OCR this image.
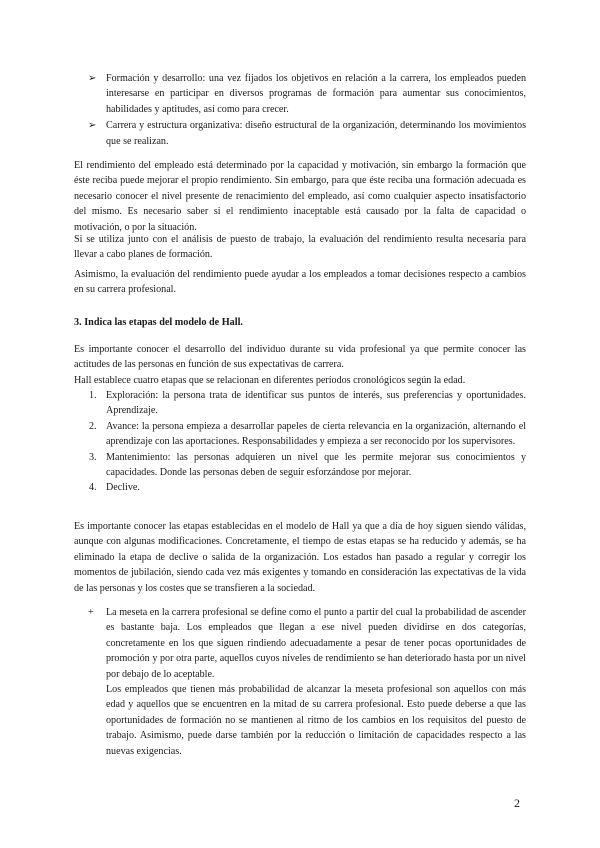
➢ Formación y desarrollo: una vez fijados los objetivos en relación a la carrera, los empleados pueden interesarse en participar en diversos programas de formación para aumentar sus conocimientos, habilidades y aptitudes, así como para crecer.
➢ Carrera y estructura organizativa: diseño estructural de la organización, determinando los movimientos que se realizan.

El rendimiento del empleado está determinado por la capacidad y motivación, sin embargo la formación que éste reciba puede mejorar el propio rendimiento. Sin embargo, para que éste reciba una formación adecuada es necesario conocer el nivel presente de renacimiento del empleado, así como cualquier aspecto insatisfactorio del mismo. Es necesario saber si el rendimiento inaceptable está causado por la falta de capacidad o motivación, o por la situación.

Si se utiliza junto con el análisis de puesto de trabajo, la evaluación del rendimiento resulta necesaria para llevar a cabo planes de formación.

Asimismo, la evaluación del rendimiento puede ayudar a los empleados a tomar decisiones respecto a cambios en su carrera profesional.

3. Indica las etapas del modelo de Hall.

Es importante conocer el desarrollo del individuo durante su vida profesional ya que permite conocer las actitudes de las personas en función de sus expectativas de carrera.

Hall establece cuatro etapas que se relacionan en diferentes períodos cronológicos según la edad.

1. Exploración: la persona trata de identificar sus puntos de interés, sus preferencias y oportunidades. Aprendizaje.
2. Avance: la persona empieza a desarrollar papeles de cierta relevancia en la organización, alternando el aprendizaje con las aportaciones. Responsabilidades y empieza a ser reconocido por los supervisores.
3. Mantenimiento: las personas adquieren un nivel que les permite mejorar sus conocimientos y capacidades. Donde las personas deben de seguir esforzándose por mejorar.
4. Declive.

Es importante conocer las etapas establecidas en el modelo de Hall ya que a día de hoy siguen siendo válidas, aunque con algunas modificaciones. Concretamente, el tiempo de estas etapas se ha reducido y además, se ha eliminado la etapa de declive o salida de la organización. Los estados han pasado a regular y corregir los momentos de jubilación, siendo cada vez más exigentes y tomando en consideración las expectativas de la vida de las personas y los costes que se transfieren a la sociedad.

+ La meseta en la carrera profesional se define como el punto a partir del cual la probabilidad de ascender es bastante baja. Los empleados que llegan a ese nivel pueden dividirse en dos categorías, concretamente en los que siguen rindiendo adecuadamente a pesar de tener pocas oportunidades de promoción y por otra parte, aquellos cuyos niveles de rendimiento se han deteriorado hasta por un nivel por debajo de lo aceptable.

Los empleados que tienen más probabilidad de alcanzar la meseta profesional son aquellos con más edad y aquellos que se encuentren en la mitad de su carrera profesional. Esto puede deberse a que las oportunidades de formación no se mantienen al ritmo de los cambios en los requisitos del puesto de trabajo. Asimismo, puede darse también por la reducción o limitación de capacidades respecto a las nuevas exigencias.

2
